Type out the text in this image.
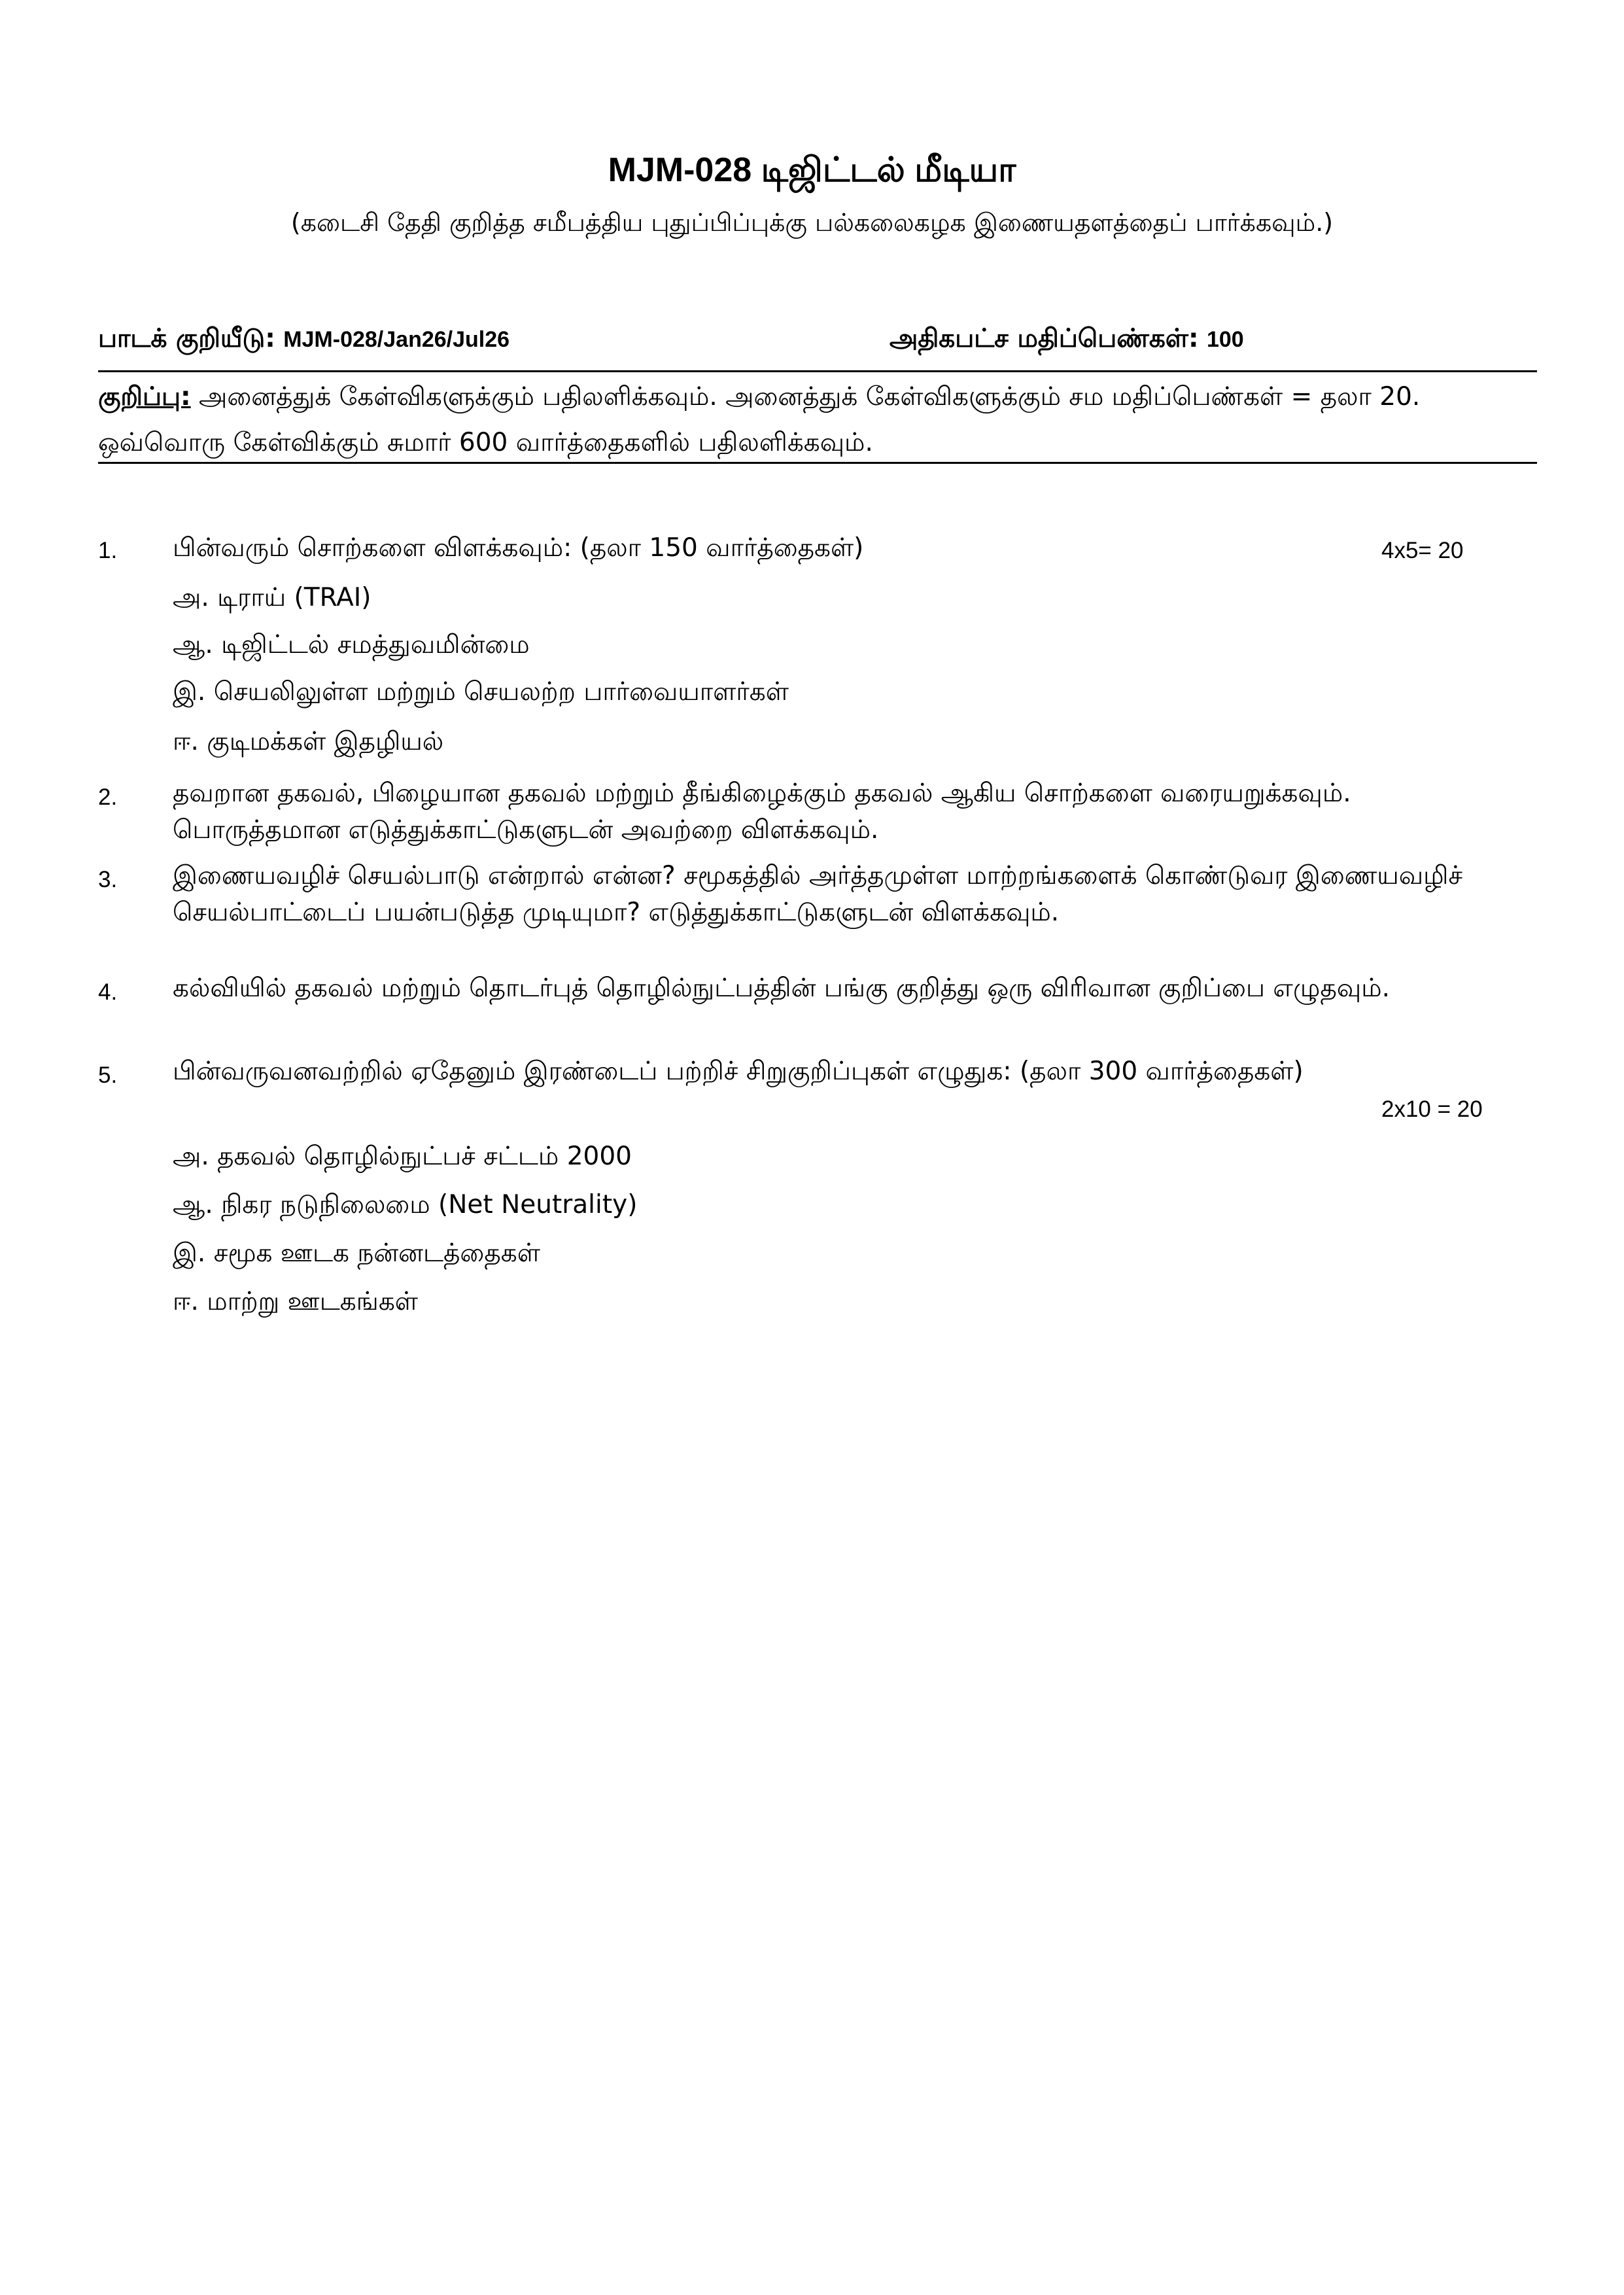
MJM-028 டிஜிட்டல் மீடியா
(கடைசி தேதி குறித்த சமீபத்திய புதுப்பிப்புக்கு பல்கலைகழக இணையதளத்தைப் பார்க்கவும்.)
பாடக் குறியீடு: MJM-028/Jan26/Jul26	அதிகபட்ச மதிப்பெண்கள்: 100
குறிப்பு: அனைத்துக் கேள்விகளுக்கும் பதிலளிக்கவும். அனைத்துக் கேள்விகளுக்கும் சம மதிப்பெண்கள் = தலா 20. ஒவ்வொரு கேள்விக்கும் சுமார் 600 வார்த்தைகளில் பதிலளிக்கவும்.
1. பின்வரும் சொற்களை விளக்கவும்: (தலா 150 வார்த்தைகள்)	4x5= 20
அ. டிராய் (TRAI)
ஆ. டிஜிட்டல் சமத்துவமின்மை
இ. செயலிலுள்ள மற்றும் செயலற்ற பார்வையாளர்கள்
ஈ. குடிமக்கள் இதழியல்
2. தவறான தகவல், பிழையான தகவல் மற்றும் தீங்கிழைக்கும் தகவல் ஆகிய சொற்களை வரையறுக்கவும். பொருத்தமான எடுத்துக்காட்டுகளுடன் அவற்றை விளக்கவும்.
3. இணையவழிச் செயல்பாடு என்றால் என்ன? சமூகத்தில் அர்த்தமுள்ள மாற்றங்களைக் கொண்டுவர இணையவழிச் செயல்பாட்டைப் பயன்படுத்த முடியுமா? எடுத்துக்காட்டுகளுடன் விளக்கவும்.
4. கல்வியில் தகவல் மற்றும் தொடர்புத் தொழில்நுட்பத்தின் பங்கு குறித்து ஒரு விரிவான குறிப்பை எழுதவும்.
5. பின்வருவனவற்றில் ஏதேனும் இரண்டைப் பற்றிச் சிறுகுறிப்புகள் எழுதுக: (தலா 300 வார்த்தைகள்)
2x10 = 20
அ. தகவல் தொழில்நுட்பச் சட்டம் 2000
ஆ. நிகர நடுநிலைமை (Net Neutrality)
இ. சமூக ஊடக நன்னடத்தைகள்
ஈ. மாற்று ஊடகங்கள்
